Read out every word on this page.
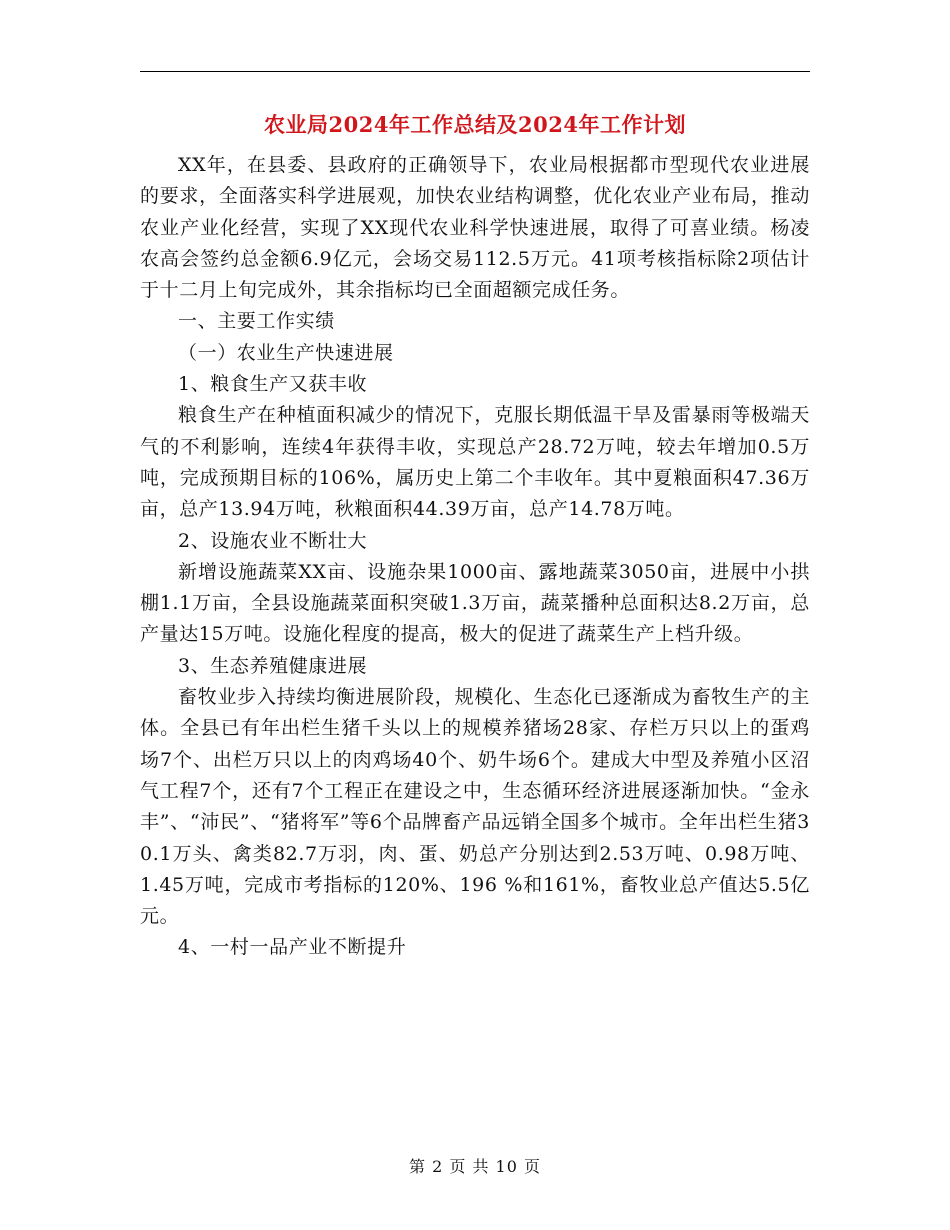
农业局2024年工作总结及2024年工作计划

XX年，在县委、县政府的正确领导下，农业局根据都市型现代农业进展的要求，全面落实科学进展观，加快农业结构调整，优化农业产业布局，推动农业产业化经营，实现了XX现代农业科学快速进展，取得了可喜业绩。杨凌农高会签约总金额6.9亿元，会场交易112.5万元。41项考核指标除2项估计于十二月上旬完成外，其余指标均已全面超额完成任务。

一、主要工作实绩

（一）农业生产快速进展

1、粮食生产又获丰收

粮食生产在种植面积减少的情况下，克服长期低温干旱及雷暴雨等极端天气的不利影响，连续4年获得丰收，实现总产28.72万吨，较去年增加0.5万吨，完成预期目标的106%，属历史上第二个丰收年。其中夏粮面积47.36万亩，总产13.94万吨，秋粮面积44.39万亩，总产14.78万吨。

2、设施农业不断壮大

新增设施蔬菜XX亩、设施杂果1000亩、露地蔬菜3050亩，进展中小拱棚1.1万亩，全县设施蔬菜面积突破1.3万亩，蔬菜播种总面积达8.2万亩，总产量达15万吨。设施化程度的提高，极大的促进了蔬菜生产上档升级。

3、生态养殖健康进展

畜牧业步入持续均衡进展阶段，规模化、生态化已逐渐成为畜牧生产的主体。全县已有年出栏生猪千头以上的规模养猪场28家、存栏万只以上的蛋鸡场7个、出栏万只以上的肉鸡场40个、奶牛场6个。建成大中型及养殖小区沼气工程7个，还有7个工程正在建设之中，生态循环经济进展逐渐加快。“金永丰”、“沛民”、“猪将军”等6个品牌畜产品远销全国多个城市。全年出栏生猪30.1万头、禽类82.7万羽，肉、蛋、奶总产分别达到2.53万吨、0.98万吨、1.45万吨，完成市考指标的120%、196 %和161%，畜牧业总产值达5.5亿元。

4、一村一品产业不断提升

第 2 页 共 10 页
